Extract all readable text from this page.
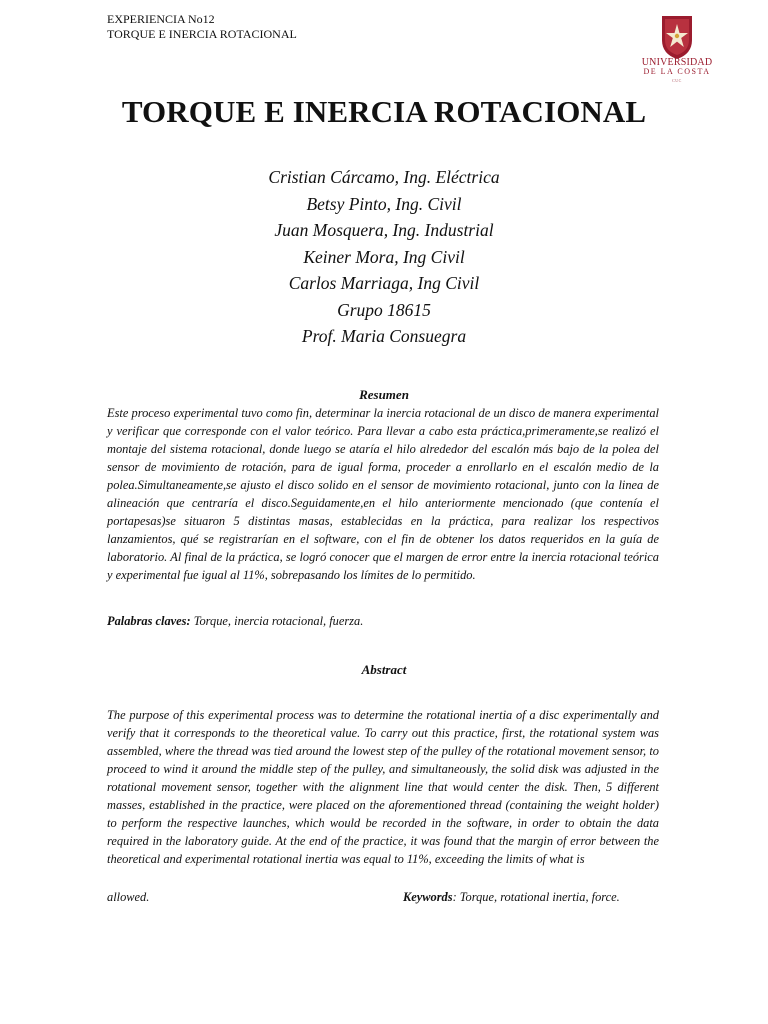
EXPERIENCIA No12
TORQUE E INERCIA ROTACIONAL
UNIVERSIDAD
DE LA COSTA
CUC
TORQUE E INERCIA ROTACIONAL
Cristian Cárcamo, Ing. Eléctrica
Betsy Pinto, Ing. Civil
Juan Mosquera, Ing. Industrial
Keiner Mora, Ing Civil
Carlos Marriaga, Ing Civil
Grupo 18615
Prof. Maria Consuegra
Resumen

Este proceso experimental tuvo como fin, determinar la inercia rotacional de un disco de manera experimental y verificar que corresponde con el valor teórico. Para llevar a cabo esta práctica,primeramente,se realizó el montaje del sistema rotacional, donde luego se ataría el hilo alrededor del escalón más bajo de la polea del sensor de movimiento de rotación, para de igual forma, proceder a enrollarlo en el escalón medio de la polea.Simultaneamente,se ajusto el disco solido en el sensor de movimiento rotacional, junto con la linea de alineación que centraría el disco.Seguidamente,en el hilo anteriormente mencionado (que contenía el portapesas)se situaron 5 distintas masas, establecidas en la práctica, para realizar los respectivos lanzamientos, qué se registrarían en el software, con el fin de obtener los datos requeridos en la guía de laboratorio. Al final de la práctica, se logró conocer que el margen de error entre la inercia rotacional teórica y experimental fue igual al 11%, sobrepasando los límites de lo permitido.

Palabras claves: Torque, inercia rotacional, fuerza.
Abstract

The purpose of this experimental process was to determine the rotational inertia of a disc experimentally and verify that it corresponds to the theoretical value. To carry out this practice, first, the rotational system was assembled, where the thread was tied around the lowest step of the pulley of the rotational movement sensor, to proceed to wind it around the middle step of the pulley, and simultaneously, the solid disk was adjusted in the rotational movement sensor, together with the alignment line that would center the disk. Then, 5 different masses, established in the practice, were placed on the aforementioned thread (containing the weight holder) to perform the respective launches, which would be recorded in the software, in order to obtain the data required in the laboratory guide. At the end of the practice, it was found that the margin of error between the theoretical and experimental rotational inertia was equal to 11%, exceeding the limits of what is

allowed.	Keywords: Torque, rotational inertia, force.
